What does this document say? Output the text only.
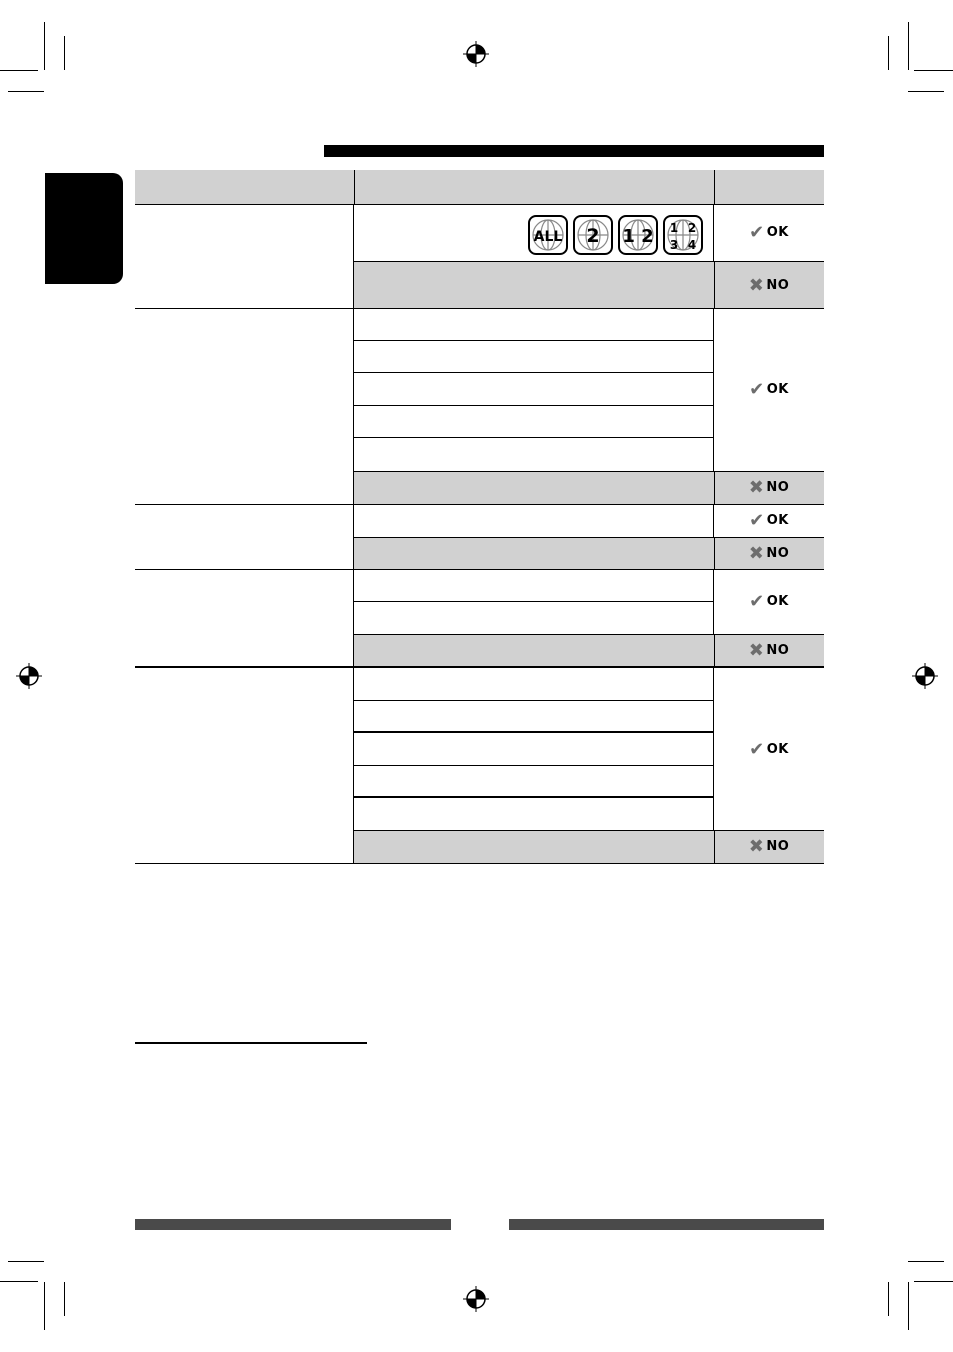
ALL 2 1 2 1 2
3 4
✔ OK
✖ NO
✔ OK
✖ NO
✔ OK
✖ NO
✔ OK
✖ NO
✔ OK
✖ NO
